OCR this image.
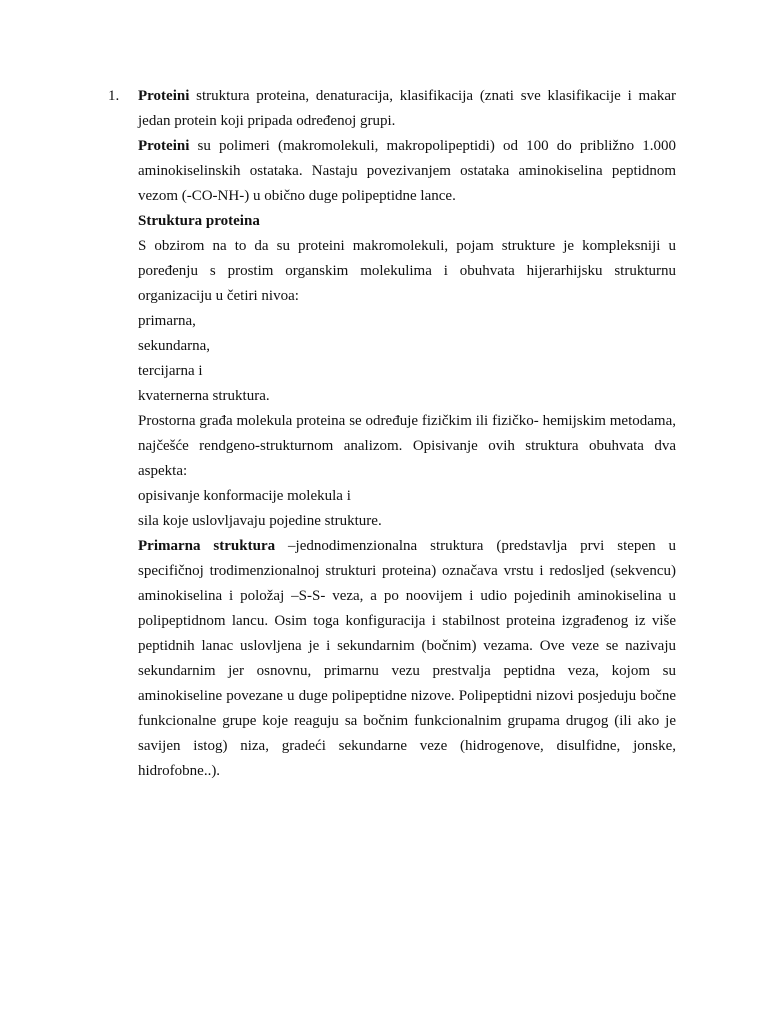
1. Proteini struktura proteina, denaturacija, klasifikacija (znati sve klasifikacije i makar jedan protein koji pripada određenoj grupi.

Proteini su polimeri (makromolekuli, makropolipeptidi) od 100 do približno 1.000 aminokiselinskih ostataka. Nastaju povezivanjem ostataka aminokiselina peptidnom vezom (-CO-NH-) u obično duge polipeptidne lance.

Struktura proteina

S obzirom na to da su proteini makromolekuli, pojam strukture je kompleksniji u poređenju s prostim organskim molekulima i obuhvata hijerarhijsku strukturnu organizaciju u četiri nivoa:

primarna,

sekundarna,

tercijarna i

kvaternerna struktura.

Prostorna građa molekula proteina se određuje fizičkim ili fizičko- hemijskim metodama, najčešće rendgeno-strukturnom analizom. Opisivanje ovih struktura obuhvata dva aspekta:

opisivanje konformacije molekula i

sila koje uslovljavaju pojedine strukture.

Primarna struktura –jednodimenzionalna struktura (predstavlja prvi stepen u specifičnoj trodimenzionalnoj strukturi proteina) označava vrstu i redosljed (sekvencu) aminokiselina i položaj –S-S- veza, a po noovijem i udio pojedinih aminokiselina u polipeptidnom lancu. Osim toga konfiguracija i stabilnost proteina izgrađenog iz više peptidnih lanac uslovljena je i sekundarnim (bočnim) vezama. Ove veze se nazivaju sekundarnim jer osnovnu, primarnu vezu prestvalja peptidna veza, kojom su aminokiseline povezane u duge polipeptidne nizove. Polipeptidni nizovi posjeduju bočne funkcionalne grupe koje reaguju sa bočnim funkcionalnim grupama drugog (ili ako je savijen istog) niza, gradeći sekundarne veze (hidrogenove, disulfidne, jonske, hidrofobne..).
